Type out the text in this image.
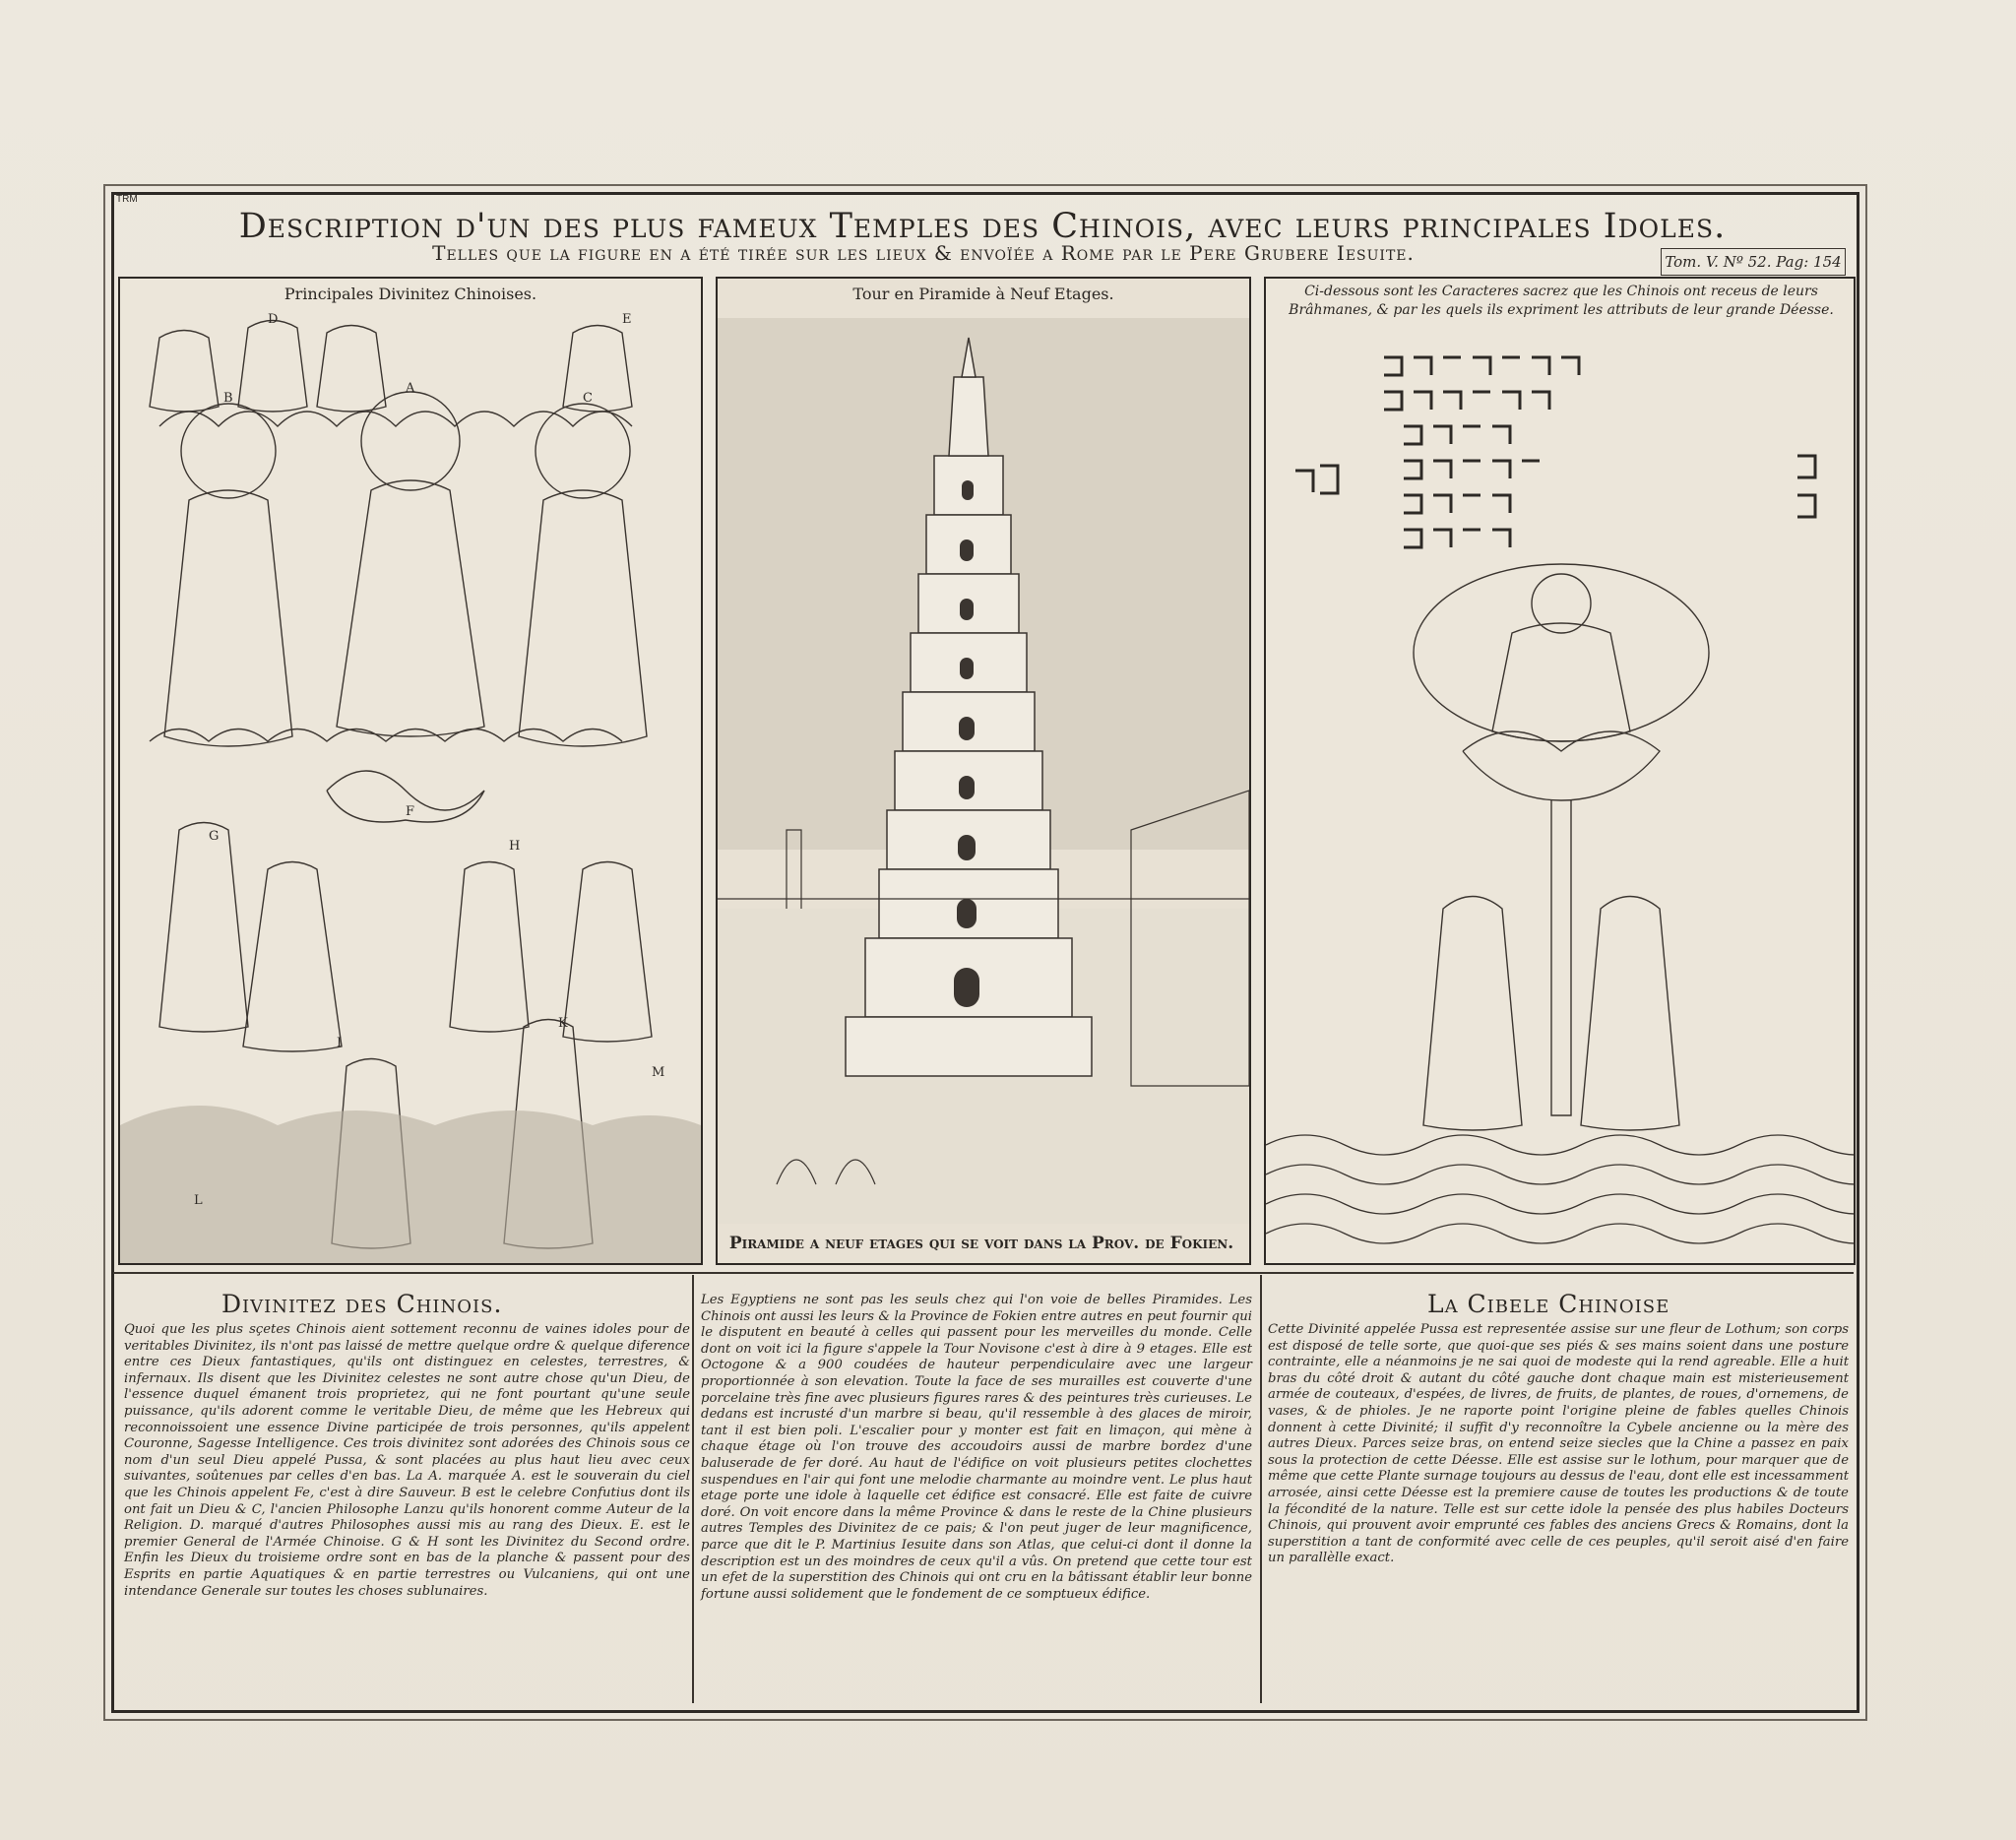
TRM
Description d'un des plus fameux Temples des Chinois, avec leurs principales Idoles.
Telles que la figure en a été tirée sur les lieux & envoïée a Rome par le Pere Grubere Iesuite.	Tom. V. Nº 52. Pag: 154
Principales Divinitez Chinoises.
A
B	C
D	E
F
G
H
I
K
L
M
Tour en Piramide à Neuf Etages.
Piramide a neuf etages qui se voit dans la Prov. de Fokien.
Ci-dessous sont les Caracteres sacrez que les Chinois ont receus de leurs Brâhmanes, & par les quels ils expriment les attributs de leur grande Déesse.
Divinitez des Chinois.	La Cibele Chinoise
Quoi que les plus sçetes Chinois aient sottement reconnu de vaines idoles pour de veritables Divinitez, ils n'ont pas laissé de mettre quelque ordre & quelque diference entre ces Dieux fantastiques, qu'ils ont distinguez en celestes, terrestres, & infernaux. Ils disent que les Divinitez celestes ne sont autre chose qu'un Dieu, de l'essence duquel émanent trois proprietez, qui ne font pourtant qu'une seule puissance, qu'ils adorent comme le veritable Dieu, de même que les Hebreux qui reconnoissoient une essence Divine participée de trois personnes, qu'ils appelent Couronne, Sagesse Intelligence. Ces trois divinitez sont adorées des Chinois sous ce nom d'un seul Dieu appelé Pussa, & sont placées au plus haut lieu avec ceux suivantes, soûtenues par celles d'en bas. La A. marquée A. est le souverain du ciel que les Chinois appelent Fe, c'est à dire Sauveur. B est le celebre Confutius dont ils ont fait un Dieu & C, l'ancien Philosophe Lanzu qu'ils honorent comme Auteur de la Religion. D. marqué d'autres Philosophes aussi mis au rang des Dieux. E. est le premier General de l'Armée Chinoise. G & H sont les Divinitez du Second ordre. Enfin les Dieux du troisieme ordre sont en bas de la planche & passent pour des Esprits en partie Aquatiques & en partie terrestres ou Vulcaniens, qui ont une intendance Generale sur toutes les choses sublunaires.
Les Egyptiens ne sont pas les seuls chez qui l'on voie de belles Piramides. Les Chinois ont aussi les leurs & la Province de Fokien entre autres en peut fournir qui le disputent en beauté à celles qui passent pour les merveilles du monde. Celle dont on voit ici la figure s'appele la Tour Novisone c'est à dire à 9 etages. Elle est Octogone & a 900 coudées de hauteur perpendiculaire avec une largeur proportionnée à son elevation. Toute la face de ses murailles est couverte d'une porcelaine très fine avec plusieurs figures rares & des peintures très curieuses. Le dedans est incrusté d'un marbre si beau, qu'il ressemble à des glaces de miroir, tant il est bien poli. L'escalier pour y monter est fait en limaçon, qui mène à chaque étage où l'on trouve des accoudoirs aussi de marbre bordez d'une baluserade de fer doré. Au haut de l'édifice on voit plusieurs petites clochettes suspendues en l'air qui font une melodie charmante au moindre vent. Le plus haut etage porte une idole à laquelle cet édifice est consacré. Elle est faite de cuivre doré. On voit encore dans la même Province & dans le reste de la Chine plusieurs autres Temples des Divinitez de ce pais; & l'on peut juger de leur magnificence, parce que dit le P. Martinius Iesuite dans son Atlas, que celui-ci dont il donne la description est un des moindres de ceux qu'il a vûs. On pretend que cette tour est un efet de la superstition des Chinois qui ont cru en la bâtissant établir leur bonne fortune aussi solidement que le fondement de ce somptueux édifice.
Cette Divinité appelée Pussa est representée assise sur une fleur de Lothum; son corps est disposé de telle sorte, que quoi-que ses piés & ses mains soient dans une posture contrainte, elle a néanmoins je ne sai quoi de modeste qui la rend agreable. Elle a huit bras du côté droit & autant du côté gauche dont chaque main est misterieusement armée de couteaux, d'espées, de livres, de fruits, de plantes, de roues, d'ornemens, de vases, & de phioles. Je ne raporte point l'origine pleine de fables quelles Chinois donnent à cette Divinité; il suffit d'y reconnoître la Cybele ancienne ou la mère des autres Dieux. Parces seize bras, on entend seize siecles que la Chine a passez en paix sous la protection de cette Déesse. Elle est assise sur le lothum, pour marquer que de même que cette Plante surnage toujours au dessus de l'eau, dont elle est incessamment arrosée, ainsi cette Déesse est la premiere cause de toutes les productions & de toute la fécondité de la nature. Telle est sur cette idole la pensée des plus habiles Docteurs Chinois, qui prouvent avoir emprunté ces fables des anciens Grecs & Romains, dont la superstition a tant de conformité avec celle de ces peuples, qu'il seroit aisé d'en faire un parallèlle exact.
